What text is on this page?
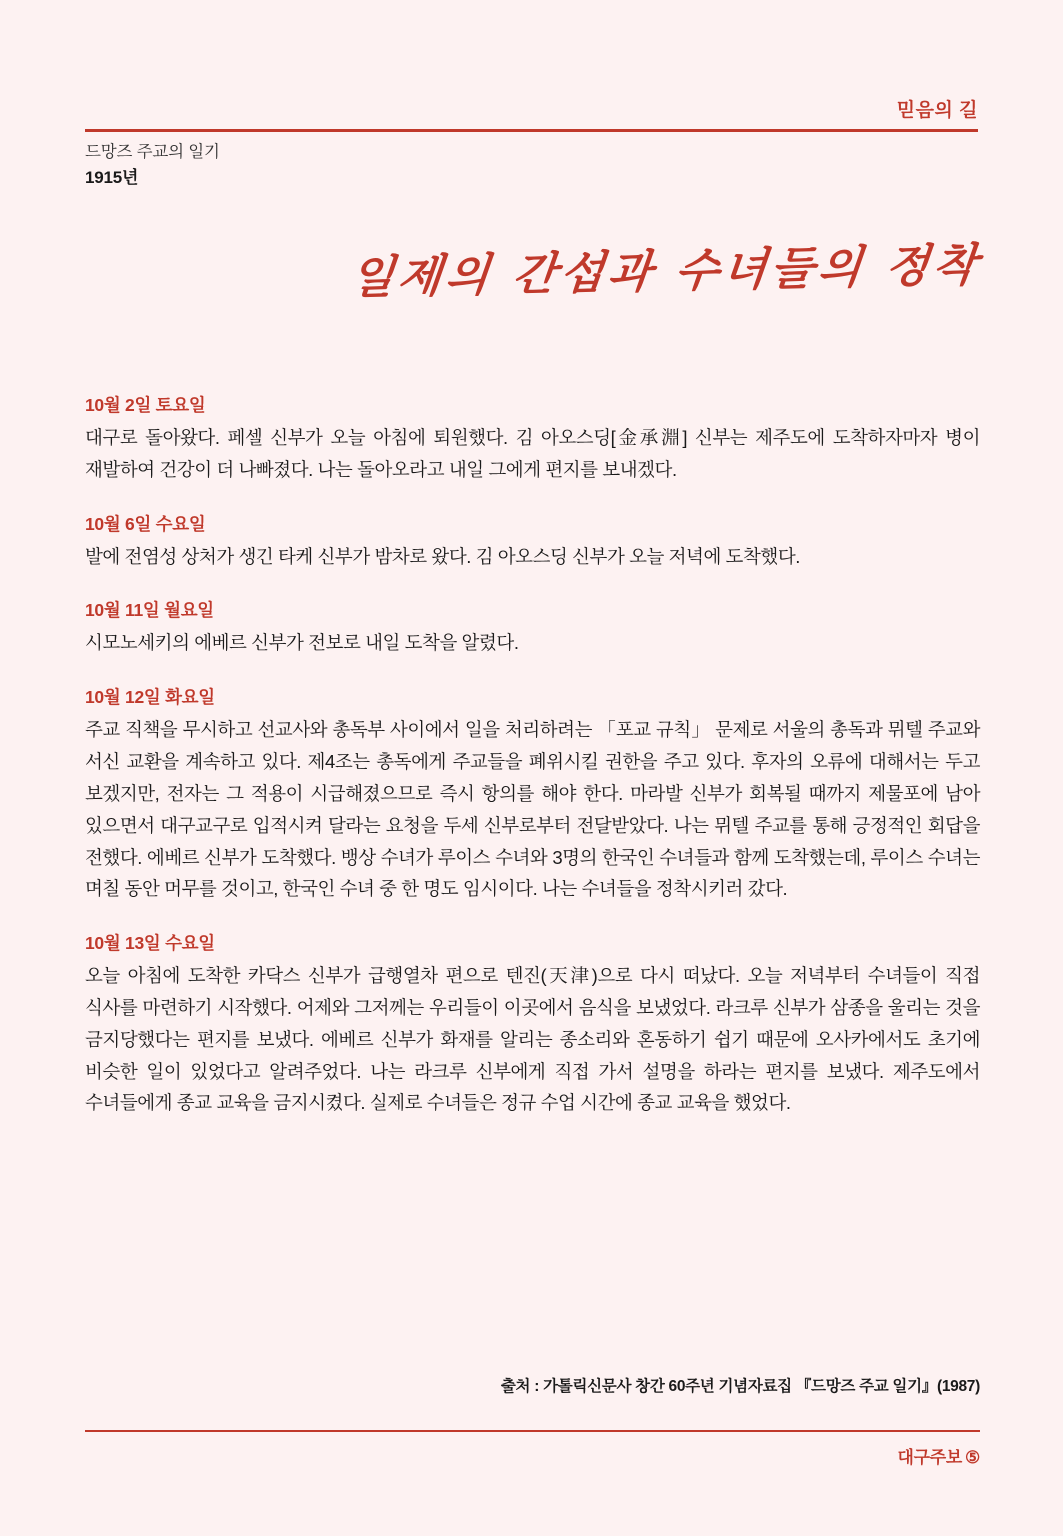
믿음의 길
드망즈 주교의 일기
1915년
일제의 간섭과 수녀들의 정착
10월 2일 토요일
대구로 돌아왔다. 페셀 신부가 오늘 아침에 퇴원했다. 김 아오스딩[金承淵] 신부는 제주도에 도착하자마자 병이 재발하여 건강이 더 나빠졌다. 나는 돌아오라고 내일 그에게 편지를 보내겠다.
10월 6일 수요일
발에 전염성 상처가 생긴 타케 신부가 밤차로 왔다. 김 아오스딩 신부가 오늘 저녁에 도착했다.
10월 11일 월요일
시모노세키의 에베르 신부가 전보로 내일 도착을 알렸다.
10월 12일 화요일
주교 직책을 무시하고 선교사와 총독부 사이에서 일을 처리하려는 「포교 규칙」 문제로 서울의 총독과 뮈텔 주교와 서신 교환을 계속하고 있다. 제4조는 총독에게 주교들을 폐위시킬 권한을 주고 있다. 후자의 오류에 대해서는 두고 보겠지만, 전자는 그 적용이 시급해졌으므로 즉시 항의를 해야 한다. 마라발 신부가 회복될 때까지 제물포에 남아 있으면서 대구교구로 입적시켜 달라는 요청을 두세 신부로부터 전달받았다. 나는 뮈텔 주교를 통해 긍정적인 회답을 전했다. 에베르 신부가 도착했다. 뱅상 수녀가 루이스 수녀와 3명의 한국인 수녀들과 함께 도착했는데, 루이스 수녀는 며칠 동안 머무를 것이고, 한국인 수녀 중 한 명도 임시이다. 나는 수녀들을 정착시키러 갔다.
10월 13일 수요일
오늘 아침에 도착한 카닥스 신부가 급행열차 편으로 텐진(天津)으로 다시 떠났다. 오늘 저녁부터 수녀들이 직접 식사를 마련하기 시작했다. 어제와 그저께는 우리들이 이곳에서 음식을 보냈었다. 라크루 신부가 삼종을 울리는 것을 금지당했다는 편지를 보냈다. 에베르 신부가 화재를 알리는 종소리와 혼동하기 쉽기 때문에 오사카에서도 초기에 비슷한 일이 있었다고 알려주었다. 나는 라크루 신부에게 직접 가서 설명을 하라는 편지를 보냈다. 제주도에서 수녀들에게 종교 교육을 금지시켰다. 실제로 수녀들은 정규 수업 시간에 종교 교육을 했었다.
출처 : 가톨릭신문사 창간 60주년 기념자료집 『드망즈 주교 일기』(1987)
대구주보 ⑤
